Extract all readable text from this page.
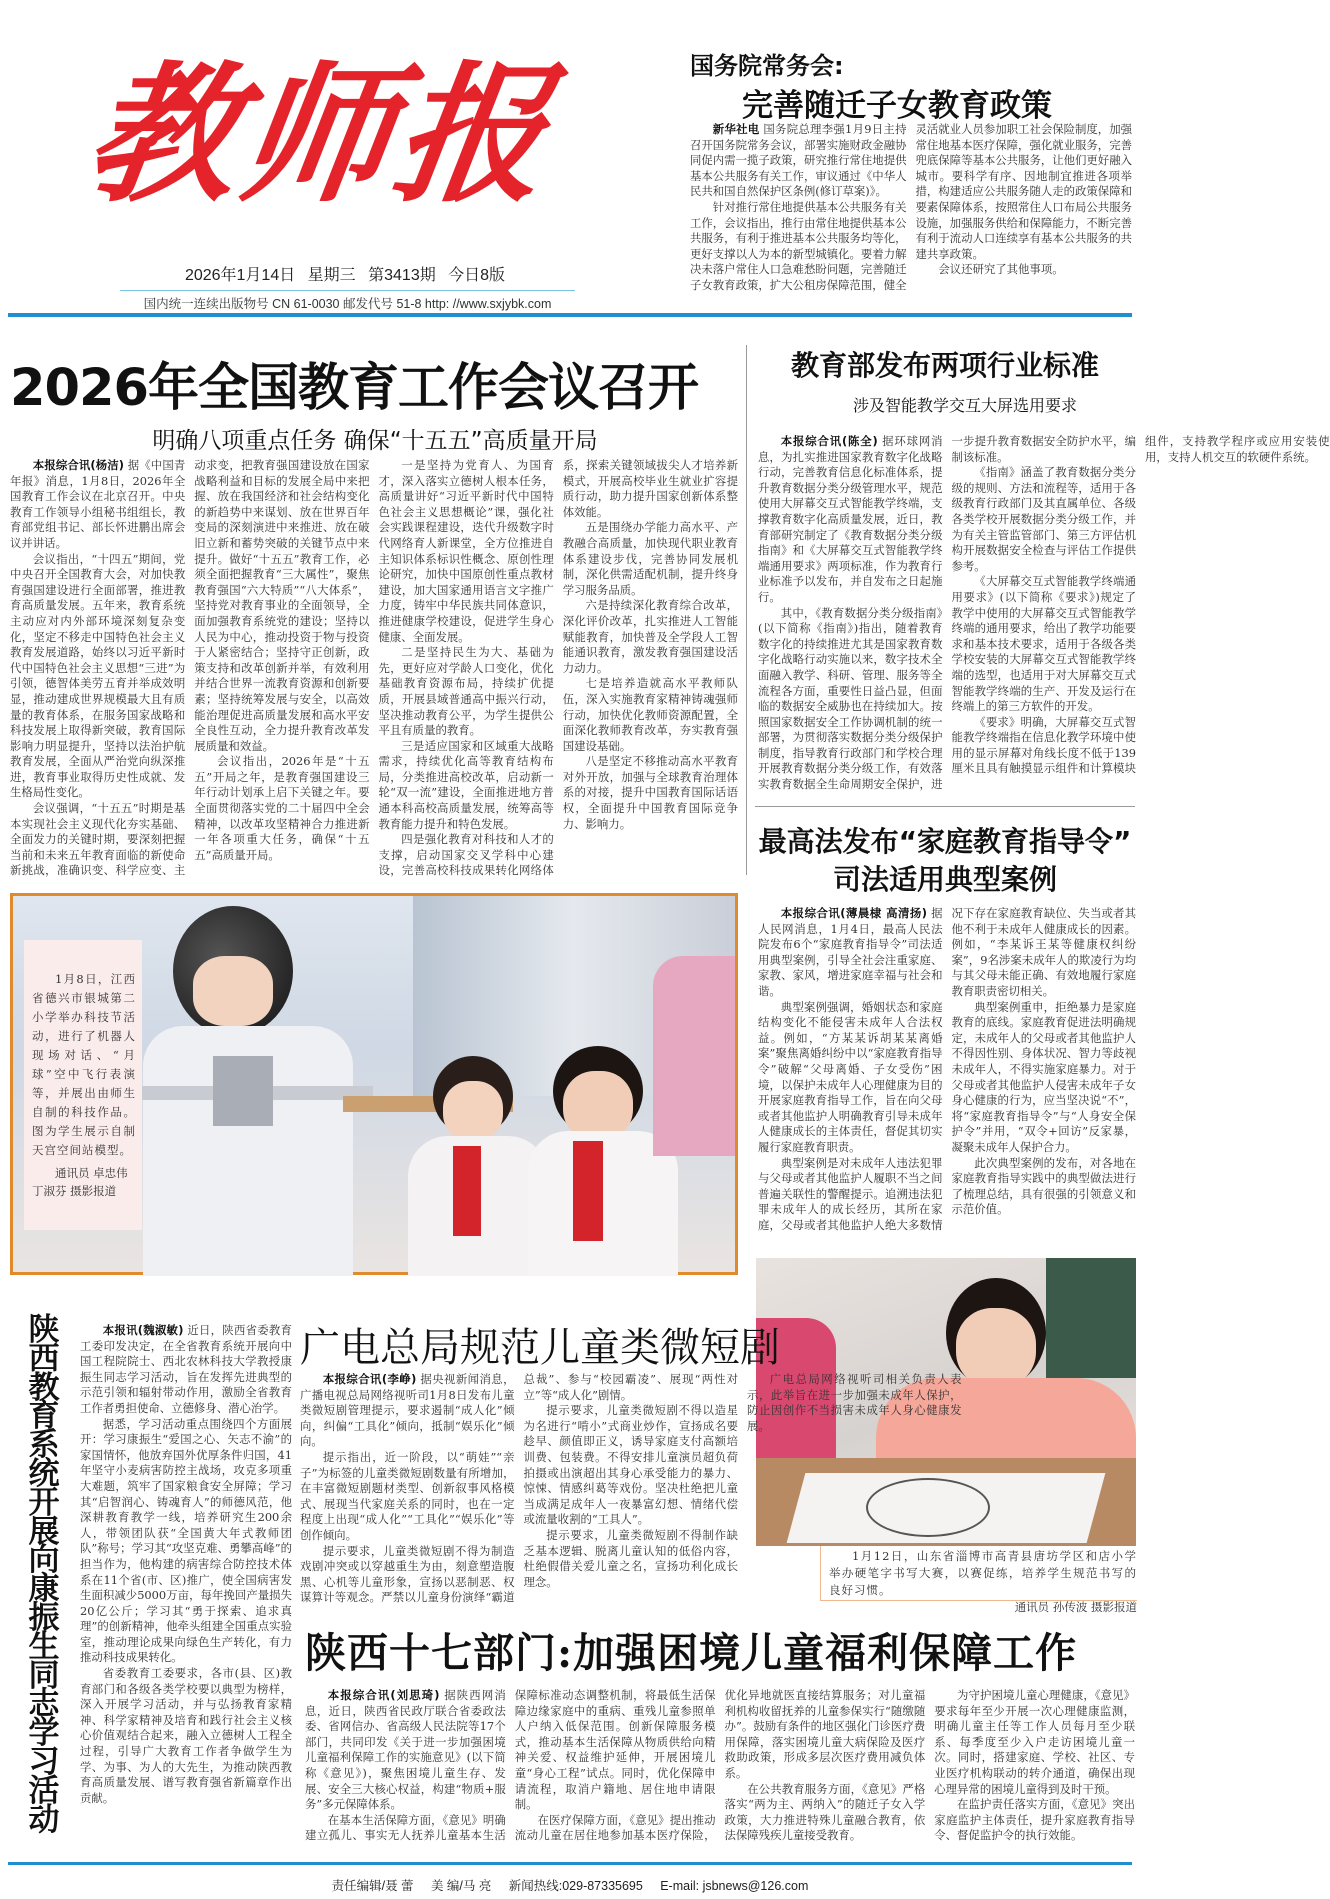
教师报
2026年1月14日 星期三 第3413期 今日8版
国内统一连续出版物号 CN 61-0030 邮发代号 51-8 http: //www.sxjybk.com
国务院常务会:
完善随迁子女教育政策

新华社电 国务院总理李强1月9日主持召开国务院常务会议，部署实施财政金融协同促内需一揽子政策，研究推行常住地提供基本公共服务有关工作，审议通过《中华人民共和国自然保护区条例(修订草案)》。

针对推行常住地提供基本公共服务有关工作，会议指出，推行由常住地提供基本公共服务，有利于推进基本公共服务均等化，更好支撑以人为本的新型城镇化。要着力解决未落户常住人口急难愁盼问题，完善随迁子女教育政策，扩大公租房保障范围，健全灵活就业人员参加职工社会保险制度，加强常住地基本医疗保障，强化就业服务，完善兜底保障等基本公共服务，让他们更好融入城市。要科学有序、因地制宜推进各项举措，构建适应公共服务随人走的政策保障和要素保障体系，按照常住人口布局公共服务设施，加强服务供给和保障能力，不断完善有利于流动人口连续享有基本公共服务的共建共享政策。

会议还研究了其他事项。

2026年全国教育工作会议召开
明确八项重点任务 确保“十五五”高质量开局

本报综合讯(杨洁) 据《中国青年报》消息，1月8日，2026年全国教育工作会议在北京召开。中央教育工作领导小组秘书组组长，教育部党组书记、部长怀进鹏出席会议并讲话。

会议指出，“十四五”期间，党中央召开全国教育大会，对加快教育强国建设进行全面部署，推进教育高质量发展。五年来，教育系统主动应对内外部环境深刻复杂变化，坚定不移走中国特色社会主义教育发展道路，始终以习近平新时代中国特色社会主义思想“三进”为引领，德智体美劳五育并举成效明显，推动建成世界规模最大且有质量的教育体系，在服务国家战略和科技发展上取得新突破，教育国际影响力明显提升，坚持以法治护航教育发展，全面从严治党向纵深推进，教育事业取得历史性成就、发生格局性变化。

会议强调，“十五五”时期是基本实现社会主义现代化夯实基础、全面发力的关键时期，要深刻把握当前和未来五年教育面临的新使命新挑战，准确识变、科学应变、主动求变，把教育强国建设放在国家战略利益和目标的发展全局中来把握、放在我国经济和社会结构变化的新趋势中来谋划、放在世界百年变局的深刻演进中来推进、放在破旧立新和蓄势突破的关键节点中来提升。做好“十五五”教育工作，必须全面把握教育“三大属性”，聚焦教育强国“六大特质”“八大体系”，坚持党对教育事业的全面领导，全面加强教育系统党的建设；坚持以人民为中心，推动投资于物与投资于人紧密结合；坚持守正创新，政策支持和改革创新并举，有效利用并结合世界一流教育资源和创新要素；坚持统筹发展与安全，以高效能治理促进高质量发展和高水平安全良性互动，全力提升教育改革发展质量和效益。

会议指出，2026年是“十五五”开局之年，是教育强国建设三年行动计划承上启下关键之年。要全面贯彻落实党的二十届四中全会精神，以改革攻坚精神合力推进新一年各项重大任务，确保“十五五”高质量开局。

一是坚持为党育人、为国育才，深入落实立德树人根本任务，高质量讲好“习近平新时代中国特色社会主义思想概论”课，强化社会实践课程建设，迭代升级数字时代网络育人新课堂，全方位推进自主知识体系标识性概念、原创性理论研究，加快中国原创性重点教材建设，加大国家通用语言文字推广力度，铸牢中华民族共同体意识，推进健康学校建设，促进学生身心健康、全面发展。

二是坚持民生为大、基础为先，更好应对学龄人口变化，优化基础教育资源布局，持续扩优提质，开展县域普通高中振兴行动，坚决推动教育公平，为学生提供公平且有质量的教育。

三是适应国家和区域重大战略需求，持续优化高等教育结构布局，分类推进高校改革，启动新一轮“双一流”建设，全面推进地方普通本科高校高质量发展，统筹高等教育能力提升和特色发展。

四是强化教育对科技和人才的支撑，启动国家交叉学科中心建设，完善高校科技成果转化网络体系，探索关键领域拔尖人才培养新模式，开展高校毕业生就业扩容提质行动，助力提升国家创新体系整体效能。

五是围绕办学能力高水平、产教融合高质量，加快现代职业教育体系建设步伐，完善协同发展机制，深化供需适配机制，提升终身学习服务品质。

六是持续深化教育综合改革，深化评价改革，扎实推进人工智能赋能教育，加快普及全学段人工智能通识教育，激发教育强国建设活力动力。

七是培养造就高水平教师队伍，深入实施教育家精神铸魂强师行动，加快优化教师资源配置，全面深化教师教育改革，夯实教育强国建设基础。

八是坚定不移推动高水平教育对外开放，加强与全球教育治理体系的对接，提升中国教育国际话语权，全面提升中国教育国际竞争力、影响力。

教育部发布两项行业标准
涉及智能教学交互大屏选用要求

本报综合讯(陈全) 据环球网消息，为扎实推进国家教育数字化战略行动，完善教育信息化标准体系，提升教育数据分类分级管理水平，规范使用大屏幕交互式智能教学终端，支撑教育数字化高质量发展，近日，教育部研究制定了《教育数据分类分级指南》和《大屏幕交互式智能教学终端通用要求》两项标准，作为教育行业标准予以发布，并自发布之日起施行。

其中，《教育数据分类分级指南》(以下简称《指南》)指出，随着教育数字化的持续推进尤其是国家教育数字化战略行动实施以来，数字技术全面融入教学、科研、管理、服务等全流程各方面，重要性日益凸显，但面临的数据安全威胁也在持续加大。按照国家数据安全工作协调机制的统一部署，为贯彻落实数据分类分级保护制度，指导教育行政部门和学校合理开展教育数据分类分级工作，有效落实教育数据全生命周期安全保护，进一步提升教育数据安全防护水平，编制该标准。

《指南》涵盖了教育数据分类分级的规则、方法和流程等，适用于各级教育行政部门及其直属单位、各级各类学校开展数据分类分级工作，并为有关主管监管部门、第三方评估机构开展数据安全检查与评估工作提供参考。

《大屏幕交互式智能教学终端通用要求》(以下简称《要求》)规定了教学中使用的大屏幕交互式智能教学终端的通用要求，给出了教学功能要求和基本技术要求，适用于各级各类学校安装的大屏幕交互式智能教学终端的选型，也适用于对大屏幕交互式智能教学终端的生产、开发及运行在终端上的第三方软件的开发。

《要求》明确，大屏幕交互式智能教学终端指在信息化教学环境中使用的显示屏幕对角线长度不低于139厘米且具有触摸显示组件和计算模块组件，支持教学程序或应用安装使用，支持人机交互的软硬件系统。

最高法发布“家庭教育指导令”
司法适用典型案例

本报综合讯(薄晨棣 高清扬) 据人民网消息，1月4日，最高人民法院发布6个“家庭教育指导令”司法适用典型案例，引导全社会注重家庭、家教、家风，增进家庭幸福与社会和谐。

典型案例强调，婚姻状态和家庭结构变化不能侵害未成年人合法权益。例如，“方某某诉胡某某离婚案”聚焦离婚纠纷中以“家庭教育指导令”破解“父母离婚、子女受伤”困境，以保护未成年人心理健康为目的开展家庭教育指导工作，旨在向父母或者其他监护人明确教育引导未成年人健康成长的主体责任，督促其切实履行家庭教育职责。

典型案例是对未成年人违法犯罪与父母或者其他监护人履职不当之间普遍关联性的警醒提示。追溯违法犯罪未成年人的成长经历，其所在家庭，父母或者其他监护人绝大多数情况下存在家庭教育缺位、失当或者其他不利于未成年人健康成长的因素。例如，“李某诉王某等健康权纠纷案”，9名涉案未成年人的欺凌行为均与其父母未能正确、有效地履行家庭教育职责密切相关。

典型案例重申，拒绝暴力是家庭教育的底线。家庭教育促进法明确规定，未成年人的父母或者其他监护人不得因性别、身体状况、智力等歧视未成年人，不得实施家庭暴力。对于父母或者其他监护人侵害未成年子女身心健康的行为，应当坚决说“不”，将“家庭教育指导令”与“人身安全保护令”并用，“双令+回访”反家暴，凝聚未成年人保护合力。

此次典型案例的发布，对各地在家庭教育指导实践中的典型做法进行了梳理总结，具有很强的引领意义和示范价值。

1月8日，江西省德兴市银城第二小学举办科技节活动，进行了机器人现场对话、“月球”空中飞行表演等，并展出由师生自制的科技作品。图为学生展示自制天宫空间站模型。
通讯员 卓忠伟 丁淑芬 摄影报道
1月12日，山东省淄博市高青县唐坊学区和店小学举办硬笔字书写大赛，以赛促练，培养学生规范书写的良好习惯。
通讯员 孙传波 摄影报道
陕西教育系统开展向康振生同志学习活动

本报讯(魏淑敏) 近日，陕西省委教育工委印发决定，在全省教育系统开展向中国工程院院士、西北农林科技大学教授康振生同志学习活动，旨在发挥先进典型的示范引领和辐射带动作用，激励全省教育工作者勇担使命、立德修身、潜心治学。

据悉，学习活动重点围绕四个方面展开：学习康振生“爱国之心、矢志不渝”的家国情怀，他放弃国外优厚条件归国，41年坚守小麦病害防控主战场，攻克多项重大难题，筑牢了国家粮食安全屏障；学习其“启智润心、铸魂育人”的师德风范，他深耕教育教学一线，培养研究生200余人，带领团队获“全国黄大年式教师团队”称号；学习其“攻坚克难、勇攀高峰”的担当作为，他构建的病害综合防控技术体系在11个省(市、区)推广，使全国病害发生面积减少5000万亩，每年挽回产量损失20亿公斤；学习其“勇于探索、追求真理”的创新精神，他牵头组建全国重点实验室，推动理论成果向绿色生产转化，有力推动科技成果转化。

省委教育工委要求，各市(县、区)教育部门和各级各类学校要以典型为榜样，深入开展学习活动，并与弘扬教育家精神、科学家精神及培育和践行社会主义核心价值观结合起来，融入立德树人工程全过程，引导广大教育工作者争做学生为学、为事、为人的大先生，为推动陕西教育高质量发展、谱写教育强省新篇章作出贡献。

广电总局规范儿童类微短剧

本报综合讯(李峥) 据央视新闻消息，广播电视总局网络视听司1月8日发布儿童类微短剧管理提示，要求遏制“成人化”倾向，纠偏“工具化”倾向，抵制“娱乐化”倾向。

提示指出，近一阶段，以“萌娃”“亲子”为标签的儿童类微短剧数量有所增加，在丰富微短剧题材类型、创新叙事风格模式、展现当代家庭关系的同时，也在一定程度上出现“成人化”“工具化”“娱乐化”等创作倾向。

提示要求，儿童类微短剧不得为制造戏剧冲突或以穿越重生为由，刻意塑造腹黑、心机等儿童形象，宣扬以恶制恶、权谋算计等观念。严禁以儿童身份演绎“霸道总裁”、参与“校园霸凌”、展现“两性对立”等“成人化”剧情。

提示要求，儿童类微短剧不得以造星为名进行“啃小”式商业炒作，宣扬成名要趁早、颜值即正义，诱导家庭支付高额培训费、包装费。不得安排儿童演员超负荷拍摄或出演超出其身心承受能力的暴力、惊悚、情感纠葛等戏份。坚决杜绝把儿童当成满足成年人一夜暴富幻想、情绪代偿或流量收割的“工具人”。

提示要求，儿童类微短剧不得制作缺乏基本逻辑、脱离儿童认知的低俗内容，杜绝假借关爱儿童之名，宣扬功利化成长理念。

广电总局网络视听司相关负责人表示，此举旨在进一步加强未成年人保护，防止因创作不当损害未成年人身心健康发展。

陕西十七部门:加强困境儿童福利保障工作

本报综合讯(刘思琦) 据陕西网消息，近日，陕西省民政厅联合省委政法委、省网信办、省高级人民法院等17个部门，共同印发《关于进一步加强困境儿童福利保障工作的实施意见》(以下简称《意见》)，聚焦困境儿童生存、发展、安全三大核心权益，构建“物质+服务”多元保障体系。

在基本生活保障方面，《意见》明确建立孤儿、事实无人抚养儿童基本生活保障标准动态调整机制，将最低生活保障边缘家庭中的重病、重残儿童参照单人户纳入低保范围。创新保障服务模式，推动基本生活保障从物质供给向精神关爱、权益维护延伸，开展困境儿童“身心工程”试点。同时，优化保障申请流程，取消户籍地、居住地申请限制。

在医疗保障方面，《意见》提出推动流动儿童在居住地参加基本医疗保险，优化异地就医直接结算服务；对儿童福利机构收留抚养的儿童参保实行“随缴随办”。鼓励有条件的地区强化门诊医疗费用保障，落实困境儿童大病保险及医疗救助政策，形成多层次医疗费用减负体系。

在公共教育服务方面，《意见》严格落实“两为主、两纳入”的随迁子女入学政策，大力推进特殊儿童融合教育，依法保障残疾儿童接受教育。

为守护困境儿童心理健康，《意见》要求每年至少开展一次心理健康监测，明确儿童主任等工作人员每月至少联系、每季度至少入户走访困境儿童一次。同时，搭建家庭、学校、社区、专业医疗机构联动的转介通道，确保出现心理异常的困境儿童得到及时干预。

在监护责任落实方面，《意见》突出家庭监护主体责任，提升家庭教育指导令、督促监护令的执行效能。

责任编辑/聂 蕾 美 编/马 亮 新闻热线:029-87335695 E-mail: jsbnews@126.com
